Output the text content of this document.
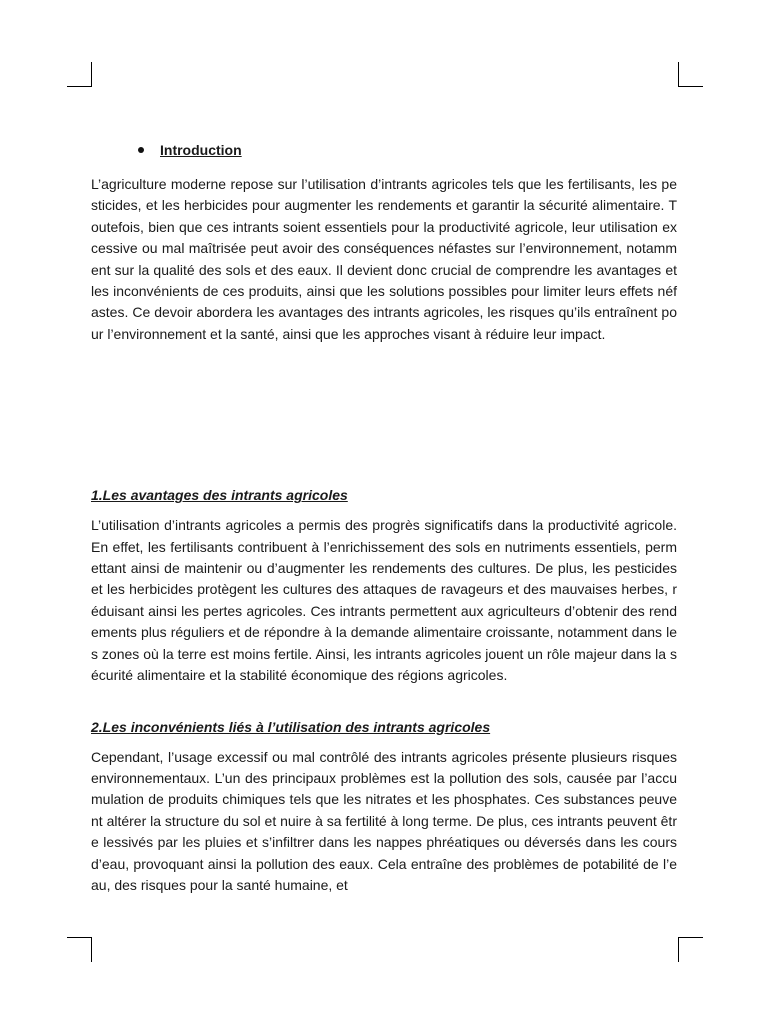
Introduction

L’agriculture moderne repose sur l’utilisation d’intrants agricoles tels que les fertilisants, les pesticides, et les herbicides pour augmenter les rendements et garantir la sécurité alimentaire. Toutefois, bien que ces intrants soient essentiels pour la productivité agricole, leur utilisation excessive ou mal maîtrisée peut avoir des conséquences néfastes sur l’environnement, notamment sur la qualité des sols et des eaux. Il devient donc crucial de comprendre les avantages et les inconvénients de ces produits, ainsi que les solutions possibles pour limiter leurs effets néfastes. Ce devoir abordera les avantages des intrants agricoles, les risques qu’ils entraînent pour l’environnement et la santé, ainsi que les approches visant à réduire leur impact.

1.Les avantages des intrants agricoles

L’utilisation d’intrants agricoles a permis des progrès significatifs dans la productivité agricole. En effet, les fertilisants contribuent à l’enrichissement des sols en nutriments essentiels, permettant ainsi de maintenir ou d’augmenter les rendements des cultures. De plus, les pesticides et les herbicides protègent les cultures des attaques de ravageurs et des mauvaises herbes, réduisant ainsi les pertes agricoles. Ces intrants permettent aux agriculteurs d’obtenir des rendements plus réguliers et de répondre à la demande alimentaire croissante, notamment dans les zones où la terre est moins fertile. Ainsi, les intrants agricoles jouent un rôle majeur dans la sécurité alimentaire et la stabilité économique des régions agricoles.

2.Les inconvénients liés à l’utilisation des intrants agricoles

Cependant, l’usage excessif ou mal contrôlé des intrants agricoles présente plusieurs risques environnementaux. L’un des principaux problèmes est la pollution des sols, causée par l’accumulation de produits chimiques tels que les nitrates et les phosphates. Ces substances peuvent altérer la structure du sol et nuire à sa fertilité à long terme. De plus, ces intrants peuvent être lessivés par les pluies et s’infiltrer dans les nappes phréatiques ou déversés dans les cours d’eau, provoquant ainsi la pollution des eaux. Cela entraîne des problèmes de potabilité de l’eau, des risques pour la santé humaine, et
